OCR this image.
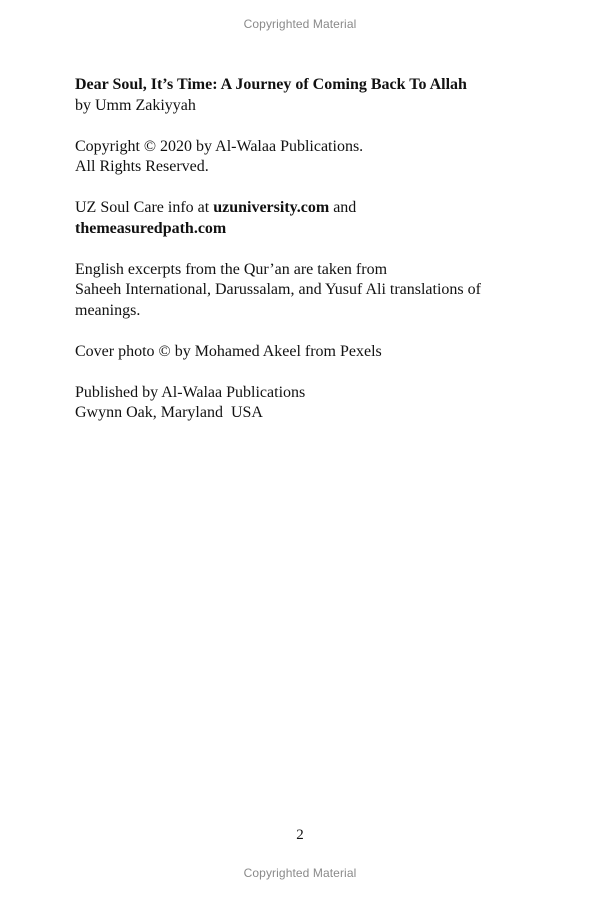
Copyrighted Material

Dear Soul, It’s Time: A Journey of Coming Back To Allah

by Umm Zakiyyah

Copyright © 2020 by Al-Walaa Publications.

All Rights Reserved.

UZ Soul Care info at uzuniversity.com and

themeasuredpath.com

English excerpts from the Qur’an are taken from

Saheeh International, Darussalam, and Yusuf Ali translations of

meanings.

Cover photo © by Mohamed Akeel from Pexels

Published by Al-Walaa Publications

Gwynn Oak, Maryland  USA

2
Copyrighted Material
